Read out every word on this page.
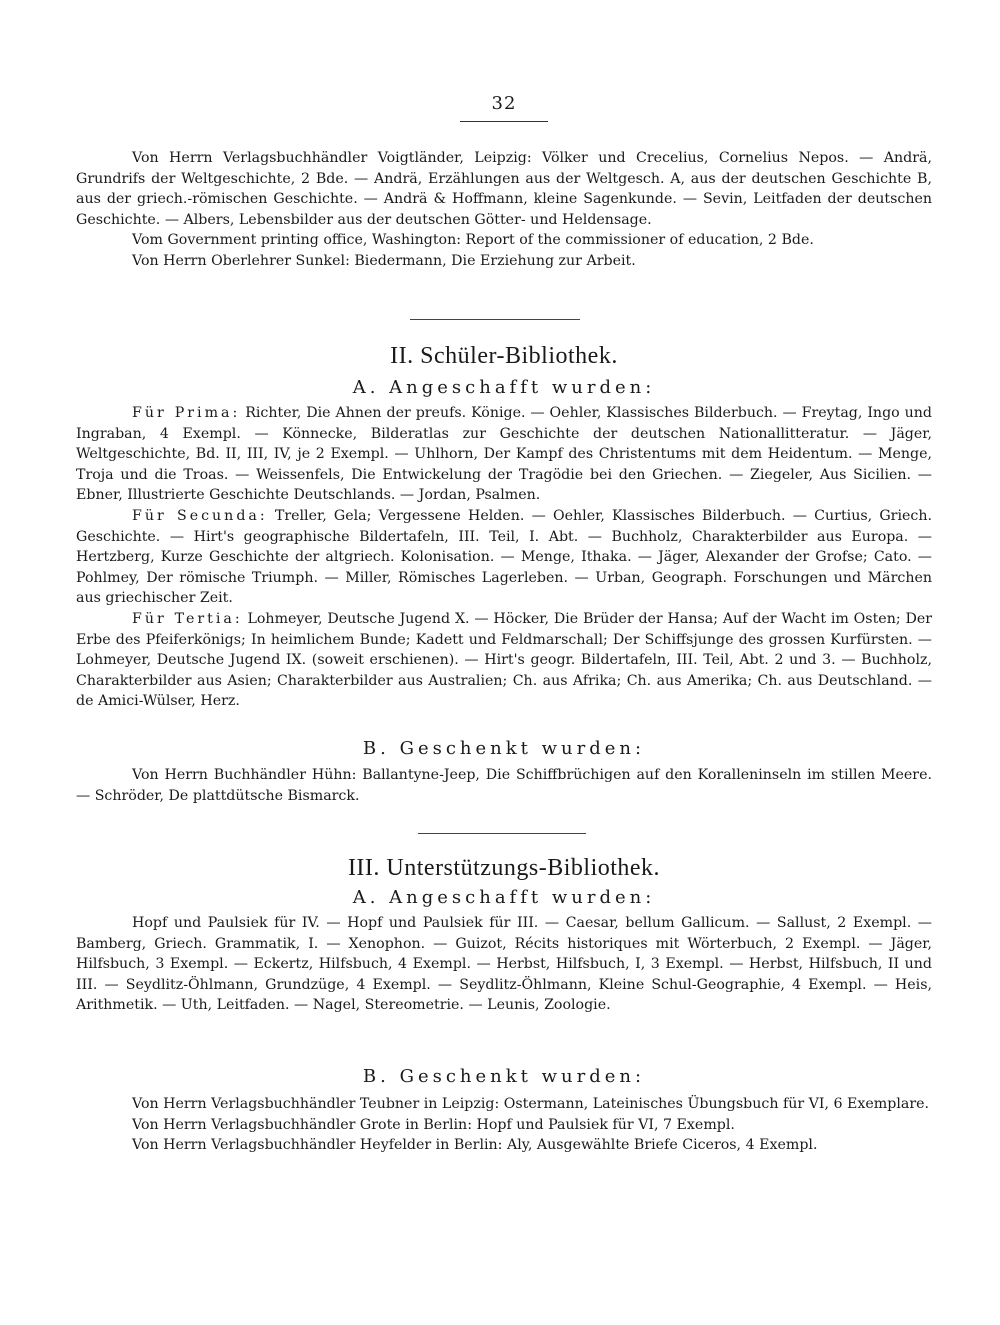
32

Von Herrn Verlagsbuchhändler Voigtländer, Leipzig: Völker und Crecelius, Cornelius Nepos. — Andrä, Grundrifs der Weltgeschichte, 2 Bde. — Andrä, Erzählungen aus der Weltgesch. A, aus der deutschen Geschichte B, aus der griech.-römischen Geschichte. — Andrä & Hoffmann, kleine Sagenkunde. — Sevin, Leitfaden der deutschen Geschichte. — Albers, Lebensbilder aus der deutschen Götter- und Heldensage.

Vom Government printing office, Washington: Report of the commissioner of education, 2 Bde.

Von Herrn Oberlehrer Sunkel: Biedermann, Die Erziehung zur Arbeit.

II. Schüler-Bibliothek.
A. Angeschafft wurden:

Für Prima: Richter, Die Ahnen der preufs. Könige. — Oehler, Klassisches Bilderbuch. — Freytag, Ingo und Ingraban, 4 Exempl. — Könnecke, Bilderatlas zur Geschichte der deutschen Nationallitteratur. — Jäger, Weltgeschichte, Bd. II, III, IV, je 2 Exempl. — Uhlhorn, Der Kampf des Christentums mit dem Heidentum. — Menge, Troja und die Troas. — Weissenfels, Die Entwickelung der Tragödie bei den Griechen. — Ziegeler, Aus Sicilien. — Ebner, Illustrierte Geschichte Deutschlands. — Jordan, Psalmen.

Für Secunda: Treller, Gela; Vergessene Helden. — Oehler, Klassisches Bilderbuch. — Curtius, Griech. Geschichte. — Hirt's geographische Bildertafeln, III. Teil, I. Abt. — Buchholz, Charakterbilder aus Europa. — Hertzberg, Kurze Geschichte der altgriech. Kolonisation. — Menge, Ithaka. — Jäger, Alexander der Grofse; Cato. — Pohlmey, Der römische Triumph. — Miller, Römisches Lagerleben. — Urban, Geograph. Forschungen und Märchen aus griechischer Zeit.

Für Tertia: Lohmeyer, Deutsche Jugend X. — Höcker, Die Brüder der Hansa; Auf der Wacht im Osten; Der Erbe des Pfeiferkönigs; In heimlichem Bunde; Kadett und Feldmarschall; Der Schiffsjunge des grossen Kurfürsten. — Lohmeyer, Deutsche Jugend IX. (soweit erschienen). — Hirt's geogr. Bildertafeln, III. Teil, Abt. 2 und 3. — Buchholz, Charakterbilder aus Asien; Charakterbilder aus Australien; Ch. aus Afrika; Ch. aus Amerika; Ch. aus Deutschland. — de Amici-Wülser, Herz.

B. Geschenkt wurden:

Von Herrn Buchhändler Hühn: Ballantyne-Jeep, Die Schiffbrüchigen auf den Koralleninseln im stillen Meere. — Schröder, De plattdütsche Bismarck.

III. Unterstützungs-Bibliothek.
A. Angeschafft wurden:

Hopf und Paulsiek für IV. — Hopf und Paulsiek für III. — Caesar, bellum Gallicum. — Sallust, 2 Exempl. — Bamberg, Griech. Grammatik, I. — Xenophon. — Guizot, Récits historiques mit Wörterbuch, 2 Exempl. — Jäger, Hilfsbuch, 3 Exempl. — Eckertz, Hilfsbuch, 4 Exempl. — Herbst, Hilfsbuch, I, 3 Exempl. — Herbst, Hilfsbuch, II und III. — Seydlitz-Öhlmann, Grundzüge, 4 Exempl. — Seydlitz-Öhlmann, Kleine Schul-Geographie, 4 Exempl. — Heis, Arithmetik. — Uth, Leitfaden. — Nagel, Stereometrie. — Leunis, Zoologie.

B. Geschenkt wurden:

Von Herrn Verlagsbuchhändler Teubner in Leipzig: Ostermann, Lateinisches Übungsbuch für VI, 6 Exemplare.

Von Herrn Verlagsbuchhändler Grote in Berlin: Hopf und Paulsiek für VI, 7 Exempl.

Von Herrn Verlagsbuchhändler Heyfelder in Berlin: Aly, Ausgewählte Briefe Ciceros, 4 Exempl.
